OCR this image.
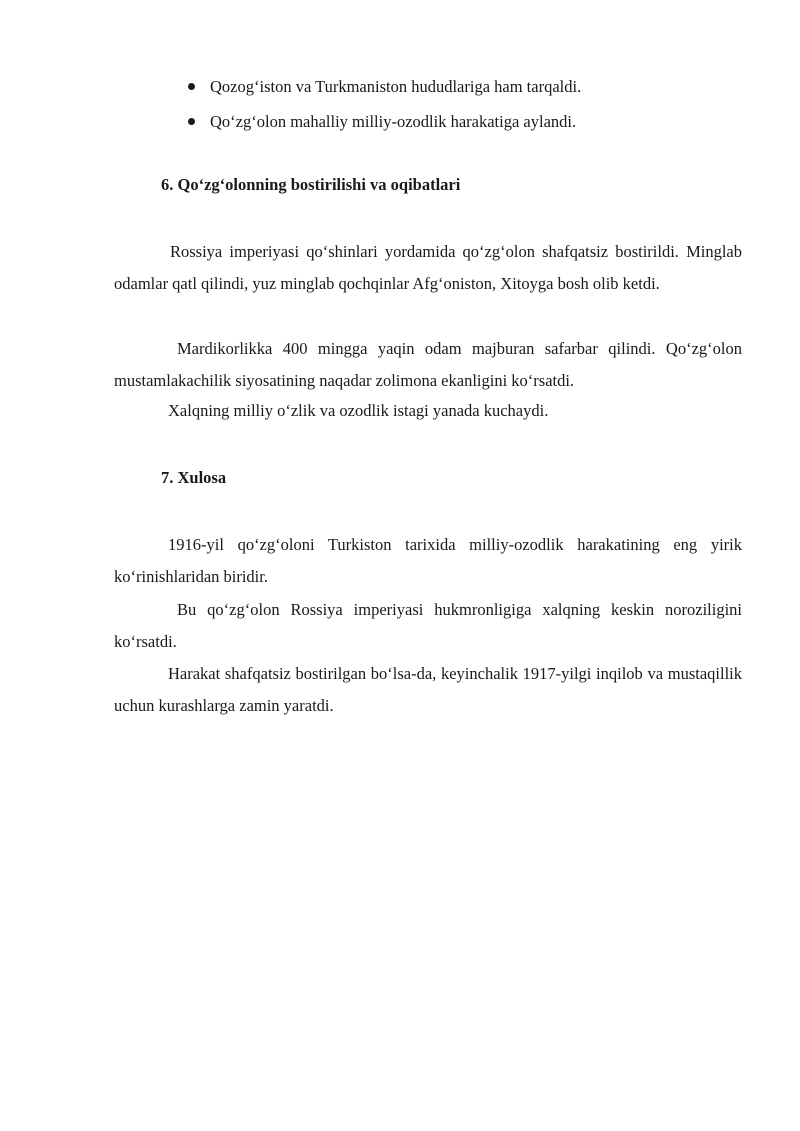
Qozog‘iston va Turkmaniston hududlariga ham tarqaldi.
Qo‘zg‘olon mahalliy milliy-ozodlik harakatiga aylandi.
6. Qo‘zg‘olonning bostirilishi va oqibatlari

Rossiya imperiyasi qo‘shinlari yordamida qo‘zg‘olon shafqatsiz bostirildi. Minglab odamlar qatl qilindi, yuz minglab qochqinlar Afg‘oniston, Xitoyga bosh olib ketdi.

Mardikorlikka 400 mingga yaqin odam majburan safarbar qilindi. Qo‘zg‘olon mustamlakachilik siyosatining naqadar zolimona ekanligini ko‘rsatdi.

Xalqning milliy o‘zlik va ozodlik istagi yanada kuchaydi.

7. Xulosa

1916-yil qo‘zg‘oloni Turkiston tarixida milliy-ozodlik harakatining eng yirik ko‘rinishlaridan biridir.

Bu qo‘zg‘olon Rossiya imperiyasi hukmronligiga xalqning keskin noroziligini ko‘rsatdi.

Harakat shafqatsiz bostirilgan bo‘lsa-da, keyinchalik 1917-yilgi inqilob va mustaqillik uchun kurashlarga zamin yaratdi.
